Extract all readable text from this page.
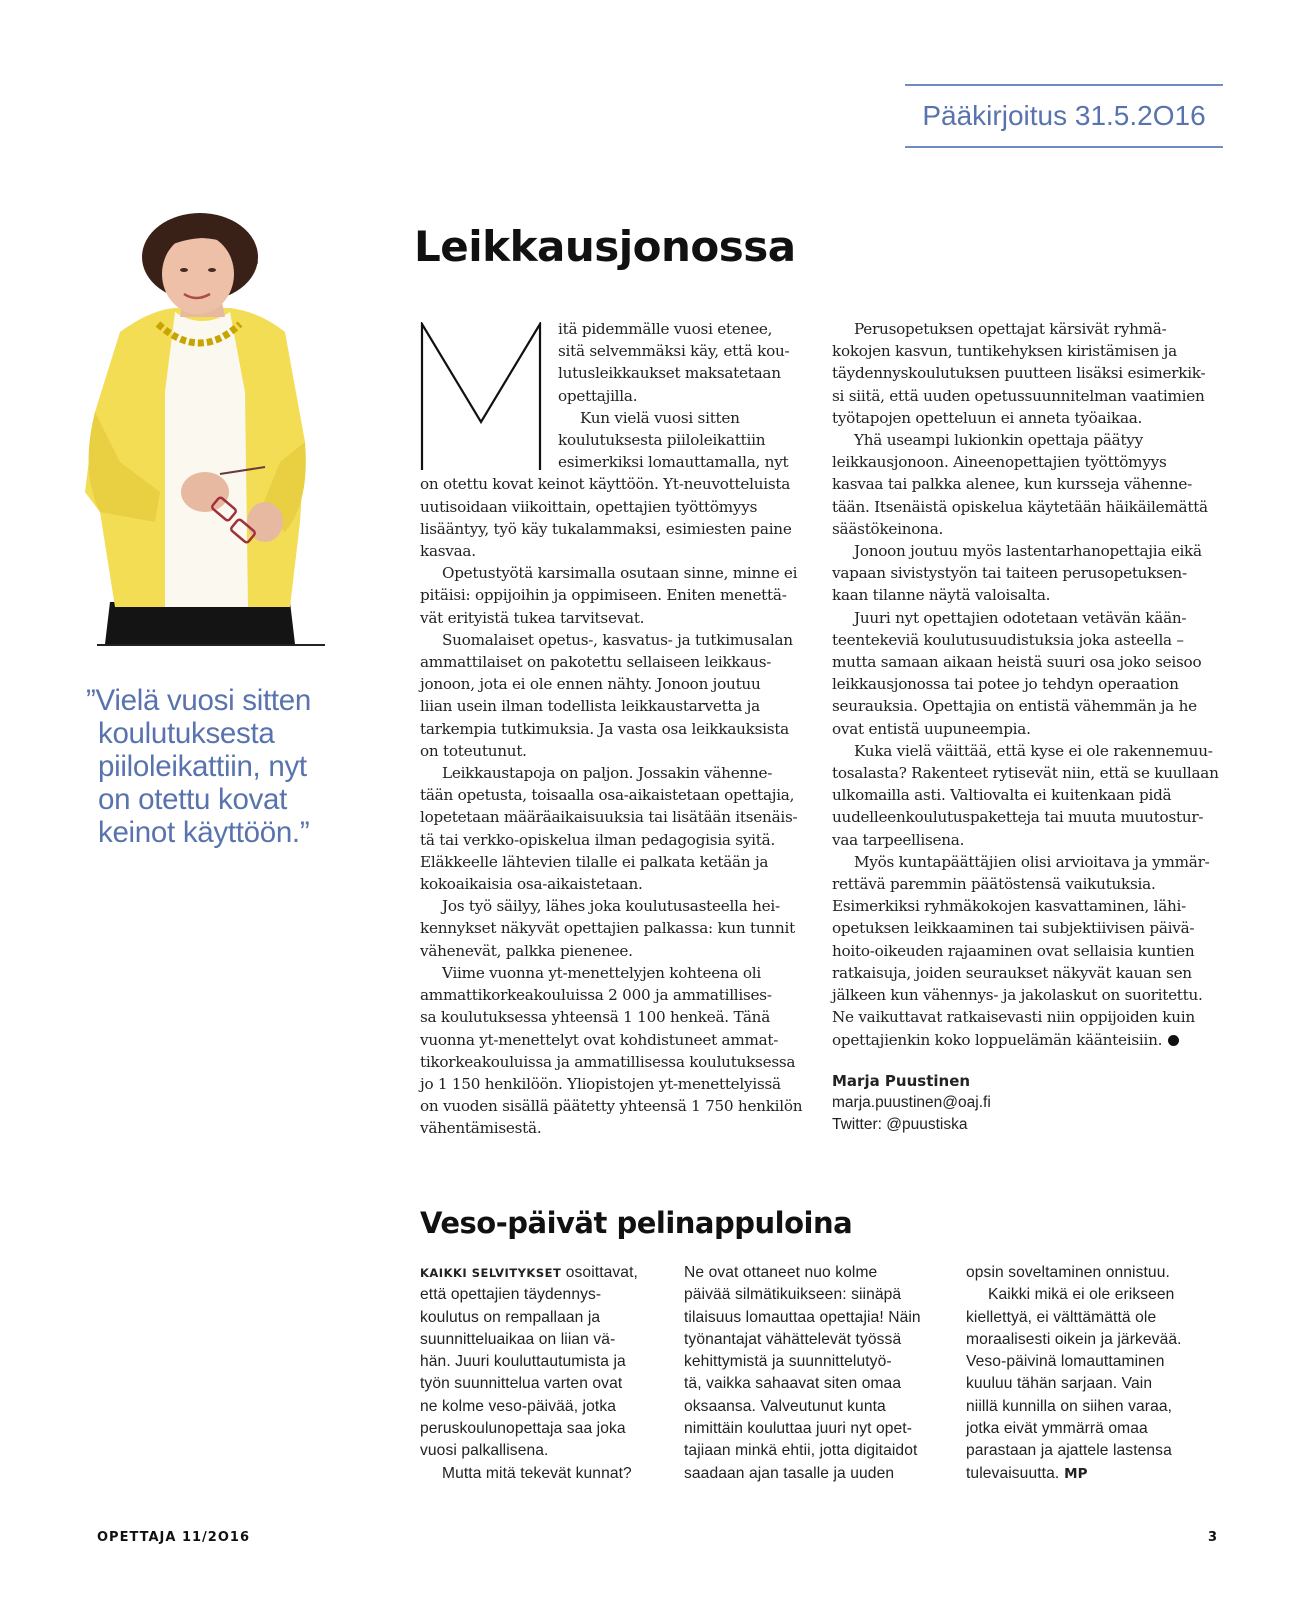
Pääkirjoitus 31.5.2O16
”Vielä vuosi sitten
koulutuksesta
piiloleikattiin, nyt
on otettu kovat
keinot käyttöön.”
Leikkausjonossa
itä pidemmälle vuosi etenee,
sitä selvemmäksi käy, että kou-
lutusleikkaukset maksatetaan
opettajilla.
Kun vielä vuosi sitten
koulutuksesta piiloleikattiin
esimerkiksi lomauttamalla, nyt
on otettu kovat keinot käyttöön. Yt-neuvotteluista
uutisoidaan viikoittain, opettajien työttömyys
lisääntyy, työ käy tukalammaksi, esimiesten paine
kasvaa.
Opetustyötä karsimalla osutaan sinne, minne ei
pitäisi: oppijoihin ja oppimiseen. Eniten menettä-
vät erityistä tukea tarvitsevat.
Suomalaiset opetus-, kasvatus- ja tutkimusalan
ammattilaiset on pakotettu sellaiseen leikkaus-
jonoon, jota ei ole ennen nähty. Jonoon joutuu
liian usein ilman todellista leikkaustarvetta ja
tarkempia tutkimuksia. Ja vasta osa leikkauksista
on toteutunut.
Leikkaustapoja on paljon. Jossakin vähenne-
tään opetusta, toisaalla osa-aikaistetaan opettajia,
lopetetaan määräaikaisuuksia tai lisätään itsenäis-
tä tai verkko-opiskelua ilman pedagogisia syitä.
Eläkkeelle lähtevien tilalle ei palkata ketään ja
kokoaikaisia osa-aikaistetaan.
Jos työ säilyy, lähes joka koulutusasteella hei-
kennykset näkyvät opettajien palkassa: kun tunnit
vähenevät, palkka pienenee.
Viime vuonna yt-menettelyjen kohteena oli
ammattikorkeakouluissa 2 000 ja ammatillises-
sa koulutuksessa yhteensä 1 100 henkeä. Tänä
vuonna yt-menettelyt ovat kohdistuneet ammat-
tikorkeakouluissa ja ammatillisessa koulutuksessa
jo 1 150 henkilöön. Yliopistojen yt-menettelyissä
on vuoden sisällä päätetty yhteensä 1 750 henkilön
vähentämisestä.
Perusopetuksen opettajat kärsivät ryhmä-
kokojen kasvun, tuntikehyksen kiristämisen ja
täydennyskoulutuksen puutteen lisäksi esimerkik-
si siitä, että uuden opetussuunnitelman vaatimien
työtapojen opetteluun ei anneta työaikaa.
Yhä useampi lukionkin opettaja päätyy
leikkausjonoon. Aineenopettajien työttömyys
kasvaa tai palkka alenee, kun kursseja vähenne-
tään. Itsenäistä opiskelua käytetään häikäilemättä
säästökeinona.
Jonoon joutuu myös lastentarhanopettajia eikä
vapaan sivistystyön tai taiteen perusopetuksen-
kaan tilanne näytä valoisalta.
Juuri nyt opettajien odotetaan vetävän kään-
teentekeviä koulutusuudistuksia joka asteella –
mutta samaan aikaan heistä suuri osa joko seisoo
leikkausjonossa tai potee jo tehdyn operaation
seurauksia. Opettajia on entistä vähemmän ja he
ovat entistä uupuneempia.
Kuka vielä väittää, että kyse ei ole rakennemuu-
tosalasta? Rakenteet rytisevät niin, että se kuullaan
ulkomailla asti. Valtiovalta ei kuitenkaan pidä
uudelleenkoulutuspaketteja tai muuta muutostur-
vaa tarpeellisena.
Myös kuntapäättäjien olisi arvioitava ja ymmär-
rettävä paremmin päätöstensä vaikutuksia.
Esimerkiksi ryhmäkokojen kasvattaminen, lähi-
opetuksen leikkaaminen tai subjektiivisen päivä-
hoito-oikeuden rajaaminen ovat sellaisia kuntien
ratkaisuja, joiden seuraukset näkyvät kauan sen
jälkeen kun vähennys- ja jakolaskut on suoritettu.
Ne vaikuttavat ratkaisevasti niin oppijoiden kuin
opettajienkin koko loppuelämän käänteisiin.
Marja Puustinen
marja.puustinen@oaj.fi
Twitter: @puustiska
Veso-päivät pelinappuloina
KAIKKI SELVITYKSET osoittavat,
että opettajien täydennys-
koulutus on rempallaan ja
suunnitteluaikaa on liian vä-
hän. Juuri kouluttautumista ja
työn suunnittelua varten ovat
ne kolme veso-päivää, jotka
peruskoulunopettaja saa joka
vuosi palkallisena.
Mutta mitä tekevät kunnat?
Ne ovat ottaneet nuo kolme
päivää silmätikuikseen: siinäpä
tilaisuus lomauttaa opettajia! Näin
työnantajat vähättelevät työssä
kehittymistä ja suunnittelutyö-
tä, vaikka sahaavat siten omaa
oksaansa. Valveutunut kunta
nimittäin kouluttaa juuri nyt opet-
tajiaan minkä ehtii, jotta digitaidot
saadaan ajan tasalle ja uuden
opsin soveltaminen onnistuu.
Kaikki mikä ei ole erikseen
kiellettyä, ei välttämättä ole
moraalisesti oikein ja järkevää.
Veso-päivinä lomauttaminen
kuuluu tähän sarjaan. Vain
niillä kunnilla on siihen varaa,
jotka eivät ymmärrä omaa
parastaan ja ajattele lastensa
tulevaisuutta. MP
OPETTAJA 11/2O16	3
